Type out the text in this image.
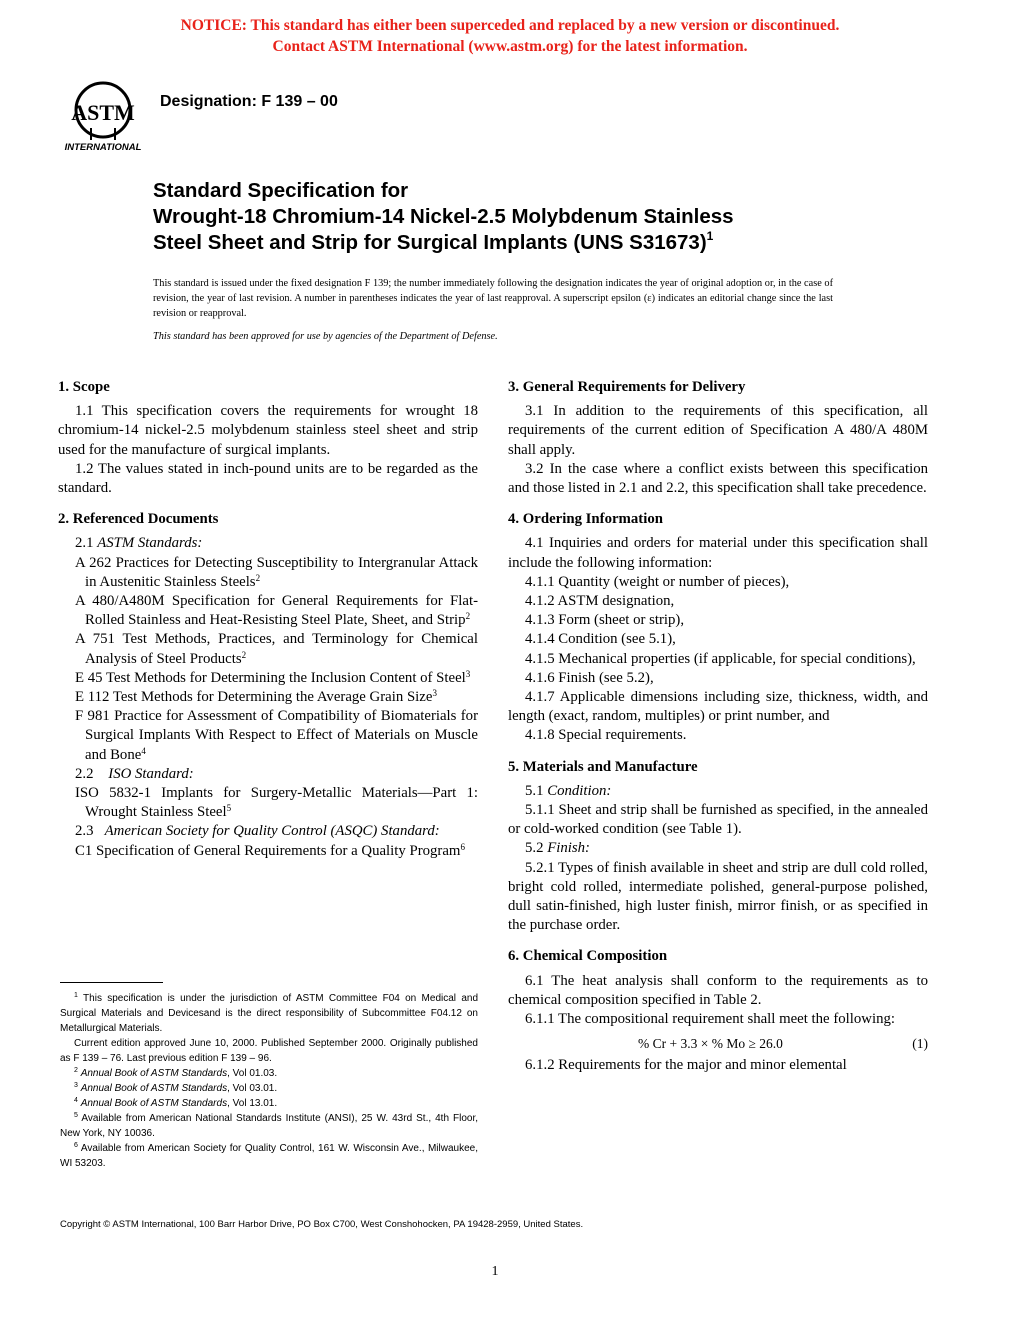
NOTICE: This standard has either been superceded and replaced by a new version or discontinued.
Contact ASTM International (www.astm.org) for the latest information.
ASTM
INTERNATIONAL
Designation: F 139 – 00
Standard Specification for
Wrought-18 Chromium-14 Nickel-2.5 Molybdenum Stainless
Steel Sheet and Strip for Surgical Implants (UNS S31673)$^1$

This standard is issued under the fixed designation F 139; the number immediately following the designation indicates the year of original adoption or, in the case of revision, the year of last revision. A number in parentheses indicates the year of last reapproval. A superscript epsilon (ε) indicates an editorial change since the last revision or reapproval.

This standard has been approved for use by agencies of the Department of Defense.

1. Scope

1.1 This specification covers the requirements for wrought 18 chromium-14 nickel-2.5 molybdenum stainless steel sheet and strip used for the manufacture of surgical implants.

1.2 The values stated in inch-pound units are to be regarded as the standard.

2. Referenced Documents

2.1 ASTM Standards:

A 262 Practices for Detecting Susceptibility to Intergranular Attack in Austenitic Stainless Steels$^2$

A 480/A480M Specification for General Requirements for Flat-Rolled Stainless and Heat-Resisting Steel Plate, Sheet, and Strip$^2$

A 751 Test Methods, Practices, and Terminology for Chemical Analysis of Steel Products$^2$

E 45 Test Methods for Determining the Inclusion Content of Steel$^3$

E 112 Test Methods for Determining the Average Grain Size$^3$

F 981 Practice for Assessment of Compatibility of Biomaterials for Surgical Implants With Respect to Effect of Materials on Muscle and Bone$^4$

2.2 ISO Standard:

ISO 5832-1 Implants for Surgery-Metallic Materials—Part 1: Wrought Stainless Steel$^5$

2.3 American Society for Quality Control (ASQC) Standard:

C1 Specification of General Requirements for a Quality Program$^6$

$^1$ This specification is under the jurisdiction of ASTM Committee F04 on Medical and Surgical Materials and Devicesand is the direct responsibility of Subcommittee F04.12 on Metallurgical Materials.

Current edition approved June 10, 2000. Published September 2000. Originally published as F 139 – 76. Last previous edition F 139 – 96.

$^2$ Annual Book of ASTM Standards, Vol 01.03.

$^3$ Annual Book of ASTM Standards, Vol 03.01.

$^4$ Annual Book of ASTM Standards, Vol 13.01.

$^5$ Available from American National Standards Institute (ANSI), 25 W. 43rd St., 4th Floor, New York, NY 10036.

$^6$ Available from American Society for Quality Control, 161 W. Wisconsin Ave., Milwaukee, WI 53203.

3. General Requirements for Delivery

3.1 In addition to the requirements of this specification, all requirements of the current edition of Specification A 480/A 480M shall apply.

3.2 In the case where a conflict exists between this specification and those listed in 2.1 and 2.2, this specification shall take precedence.

4. Ordering Information

4.1 Inquiries and orders for material under this specification shall include the following information:

4.1.1 Quantity (weight or number of pieces),

4.1.2 ASTM designation,

4.1.3 Form (sheet or strip),

4.1.4 Condition (see 5.1),

4.1.5 Mechanical properties (if applicable, for special conditions),

4.1.6 Finish (see 5.2),

4.1.7 Applicable dimensions including size, thickness, width, and length (exact, random, multiples) or print number, and

4.1.8 Special requirements.

5. Materials and Manufacture

5.1 Condition:

5.1.1 Sheet and strip shall be furnished as specified, in the annealed or cold-worked condition (see Table 1).

5.2 Finish:

5.2.1 Types of finish available in sheet and strip are dull cold rolled, bright cold rolled, intermediate polished, general-purpose polished, dull satin-finished, high luster finish, mirror finish, or as specified in the purchase order.

6. Chemical Composition

6.1 The heat analysis shall conform to the requirements as to chemical composition specified in Table 2.

6.1.1 The compositional requirement shall meet the following:

% Cr + 3.3 × % Mo ≥ 26.0	(1)

6.1.2 Requirements for the major and minor elemental

Copyright © ASTM International, 100 Barr Harbor Drive, PO Box C700, West Conshohocken, PA 19428-2959, United States.
1
